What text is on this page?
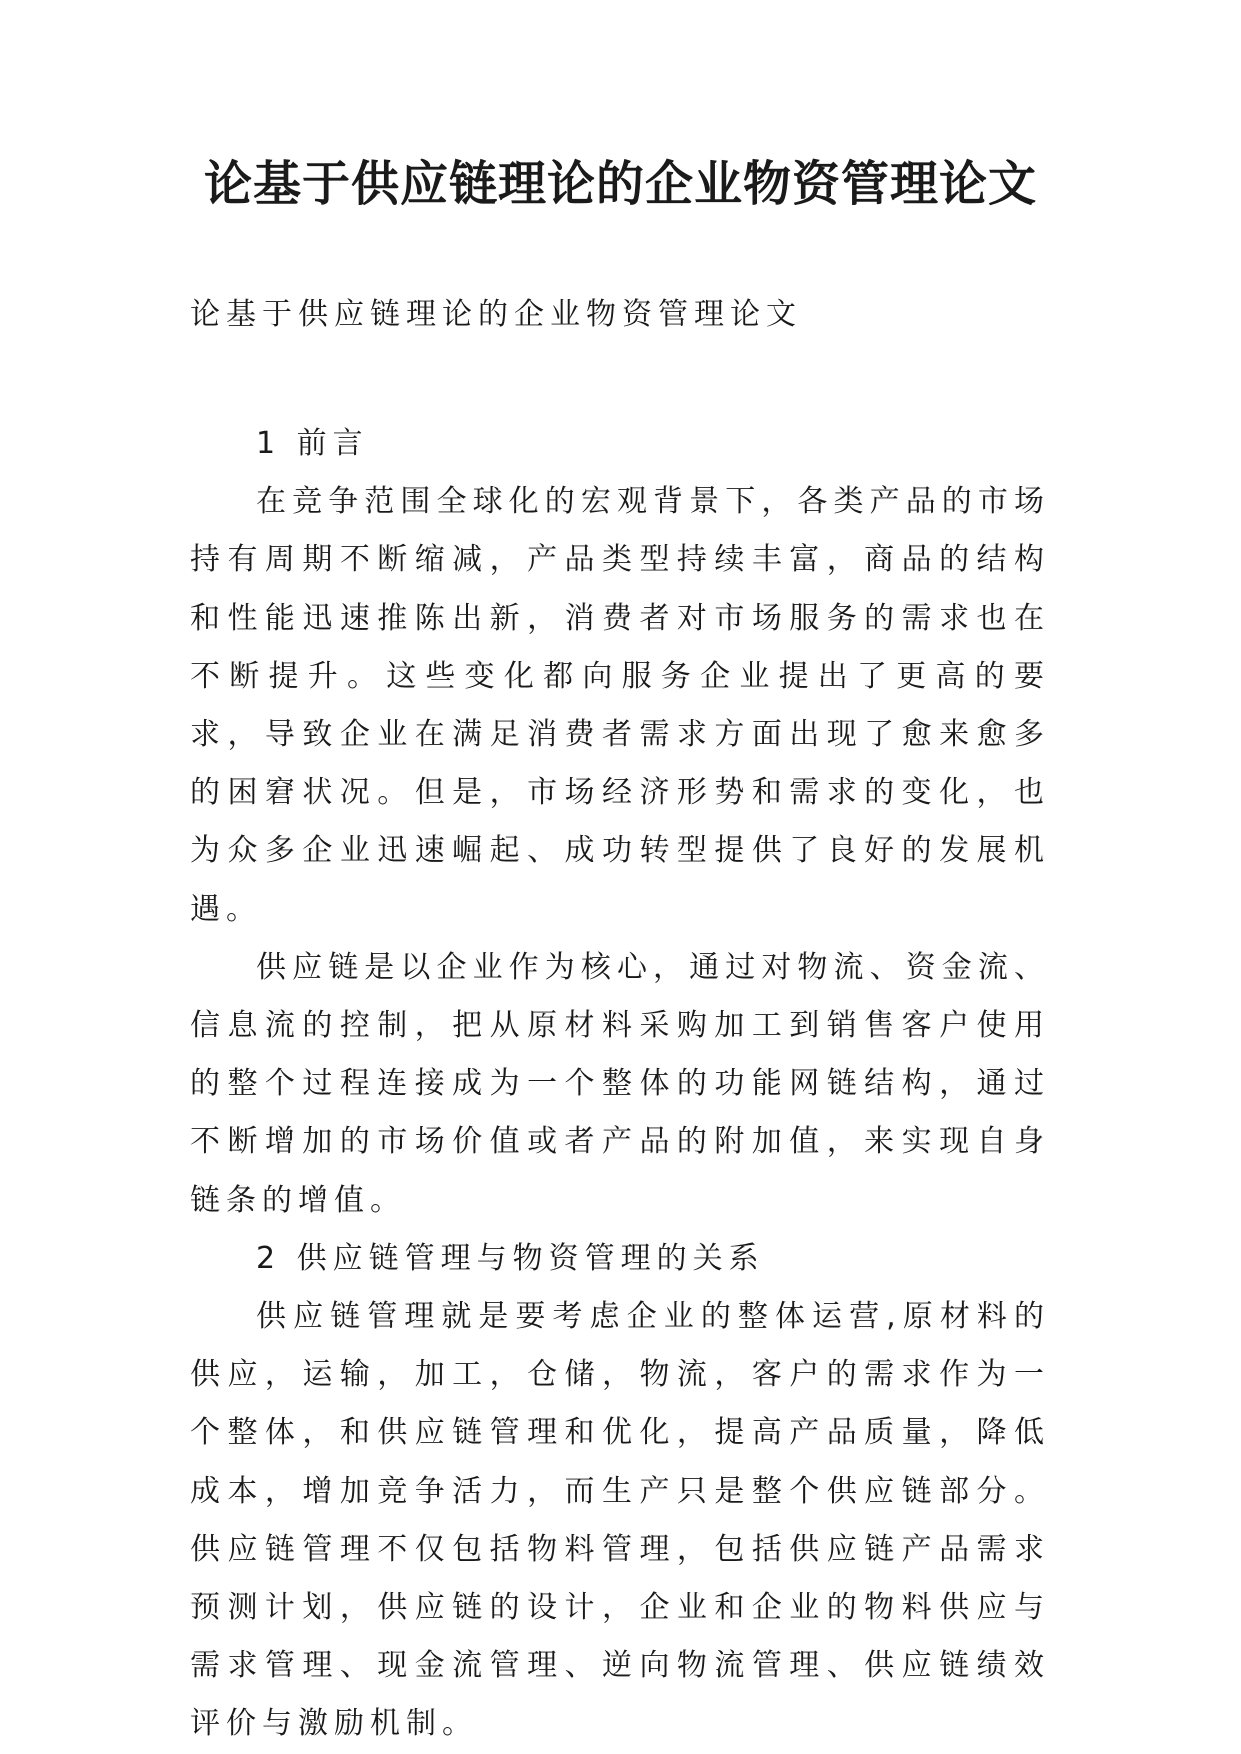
论基于供应链理论的企业物资管理论文
论基于供应链理论的企业物资管理论文

1 前言

在竞争范围全球化的宏观背景下，各类产品的市场持有周期不断缩减，产品类型持续丰富，商品的结构和性能迅速推陈出新，消费者对市场服务的需求也在不断提升。这些变化都向服务企业提出了更高的要求，导致企业在满足消费者需求方面出现了愈来愈多的困窘状况。但是，市场经济形势和需求的变化，也为众多企业迅速崛起、成功转型提供了良好的发展机遇。

供应链是以企业作为核心，通过对物流、资金流、信息流的控制，把从原材料采购加工到销售客户使用的整个过程连接成为一个整体的功能网链结构，通过不断增加的市场价值或者产品的附加值，来实现自身链条的增值。

2 供应链管理与物资管理的关系

供应链管理就是要考虑企业的整体运营,原材料的供应，运输，加工，仓储，物流，客户的需求作为一个整体，和供应链管理和优化，提高产品质量，降低成本，增加竞争活力，而生产只是整个供应链部分。供应链管理不仅包括物料管理，包括供应链产品需求预测计划，供应链的设计，企业和企业的物料供应与需求管理、现金流管理、逆向物流管理、供应链绩效评价与激励机制。
